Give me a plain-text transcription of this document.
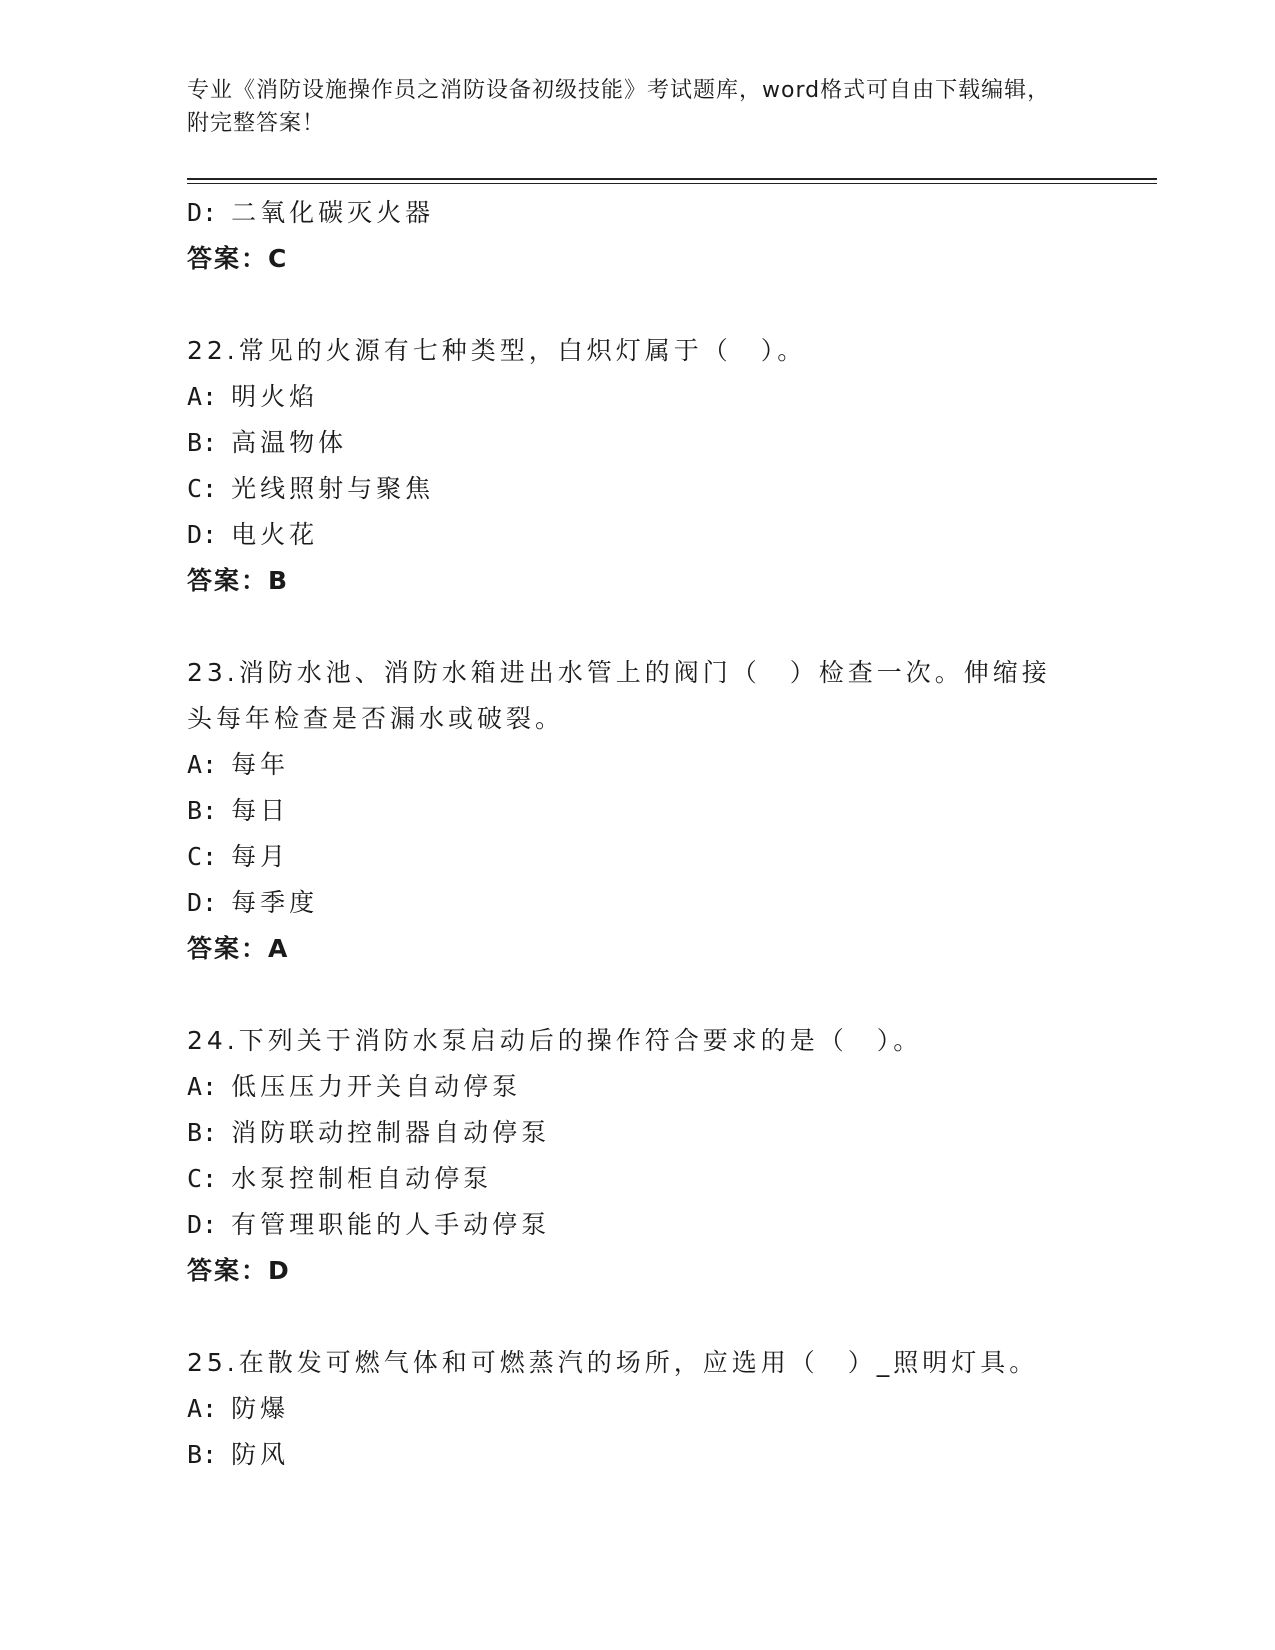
专业《消防设施操作员之消防设备初级技能》考试题库，word格式可自由下载编辑，附完整答案！
D: 二氧化碳灭火器
答案：C
22.常见的火源有七种类型，白炽灯属于（　）。
A: 明火焰
B: 高温物体
C: 光线照射与聚焦
D: 电火花
答案：B
23.消防水池、消防水箱进出水管上的阀门（　）检查一次。伸缩接头每年检查是否漏水或破裂。
A: 每年
B: 每日
C: 每月
D: 每季度
答案：A
24.下列关于消防水泵启动后的操作符合要求的是（　）。
A: 低压压力开关自动停泵
B: 消防联动控制器自动停泵
C: 水泵控制柜自动停泵
D: 有管理职能的人手动停泵
答案：D
25.在散发可燃气体和可燃蒸汽的场所，应选用（　）_照明灯具。
A: 防爆
B: 防风
